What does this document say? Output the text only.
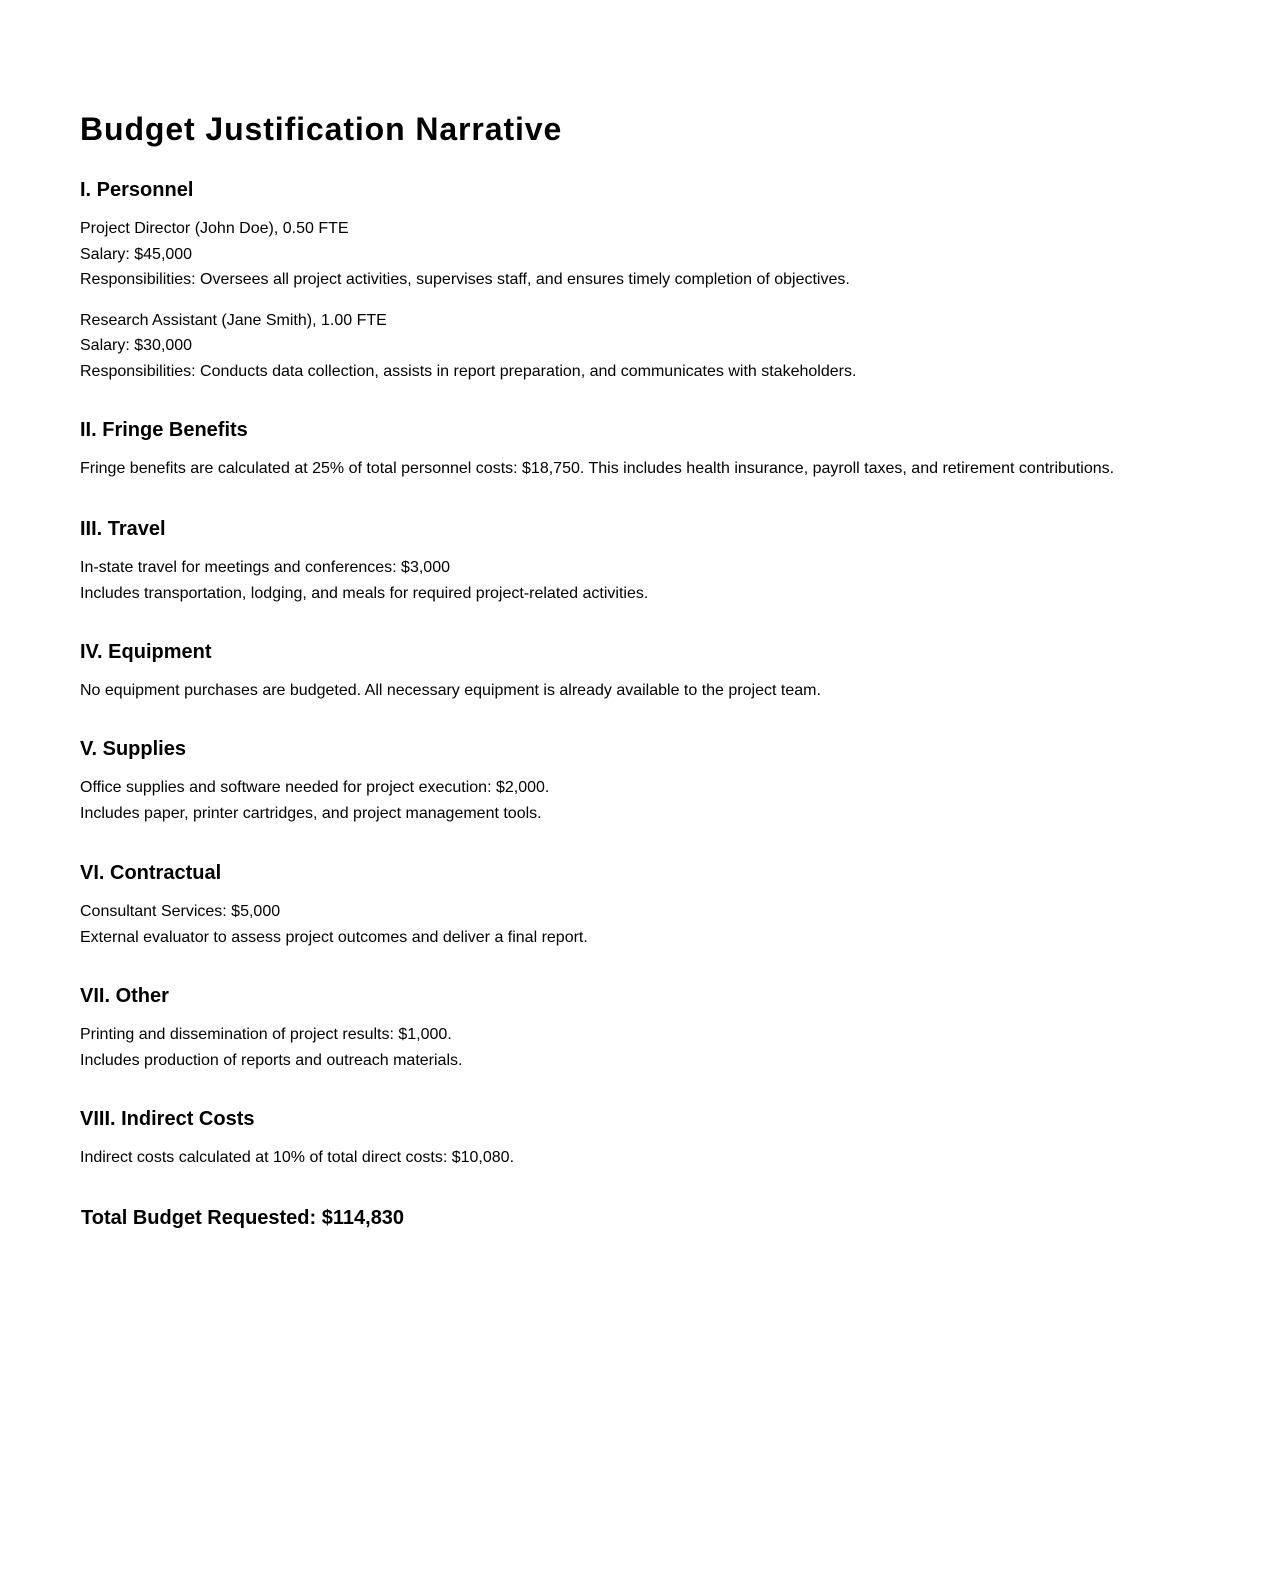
Budget Justification Narrative
I. Personnel

Project Director (John Doe), 0.50 FTE

Salary: $45,000

Responsibilities: Oversees all project activities, supervises staff, and ensures timely completion of objectives.

Research Assistant (Jane Smith), 1.00 FTE

Salary: $30,000

Responsibilities: Conducts data collection, assists in report preparation, and communicates with stakeholders.

II. Fringe Benefits

Fringe benefits are calculated at 25% of total personnel costs: $18,750. This includes health insurance, payroll taxes, and retirement contributions.

III. Travel

In-state travel for meetings and conferences: $3,000

Includes transportation, lodging, and meals for required project-related activities.

IV. Equipment

No equipment purchases are budgeted. All necessary equipment is already available to the project team.

V. Supplies

Office supplies and software needed for project execution: $2,000.

Includes paper, printer cartridges, and project management tools.

VI. Contractual

Consultant Services: $5,000

External evaluator to assess project outcomes and deliver a final report.

VII. Other

Printing and dissemination of project results: $1,000.

Includes production of reports and outreach materials.

VIII. Indirect Costs

Indirect costs calculated at 10% of total direct costs: $10,080.

Total Budget Requested: $114,830
